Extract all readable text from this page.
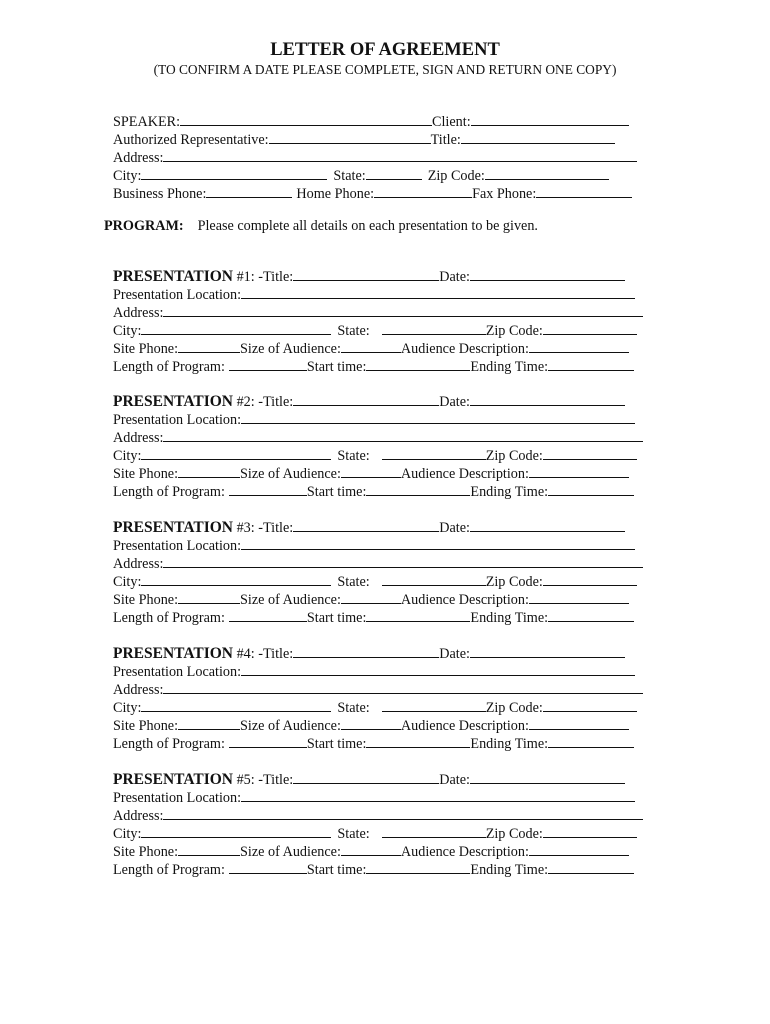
LETTER OF AGREEMENT
(TO CONFIRM A DATE PLEASE COMPLETE, SIGN AND RETURN ONE COPY)
SPEAKER:	Client:
Authorized Representative:	Title:
Address:
City:	State:	Zip Code:
Business Phone:	Home Phone:	Fax Phone:
PROGRAM: Please complete all details on each presentation to be given.
PRESENTATION #1: -Title:	Date:
Presentation Location:
Address:
City:	State:	Zip Code:
Site Phone:	Size of Audience:	Audience Description:
Length of Program:	Start time:	Ending Time:
PRESENTATION #2: -Title:	Date:
Presentation Location:
Address:
City:	State:	Zip Code:
Site Phone:	Size of Audience:	Audience Description:
Length of Program:	Start time:	Ending Time:
PRESENTATION #3: -Title:	Date:
Presentation Location:
Address:
City:	State:	Zip Code:
Site Phone:	Size of Audience:	Audience Description:
Length of Program:	Start time:	Ending Time:
PRESENTATION #4: -Title:	Date:
Presentation Location:
Address:
City:	State:	Zip Code:
Site Phone:	Size of Audience:	Audience Description:
Length of Program:	Start time:	Ending Time:
PRESENTATION #5: -Title:	Date:
Presentation Location:
Address:
City:	State:	Zip Code:
Site Phone:	Size of Audience:	Audience Description:
Length of Program:	Start time:	Ending Time:
